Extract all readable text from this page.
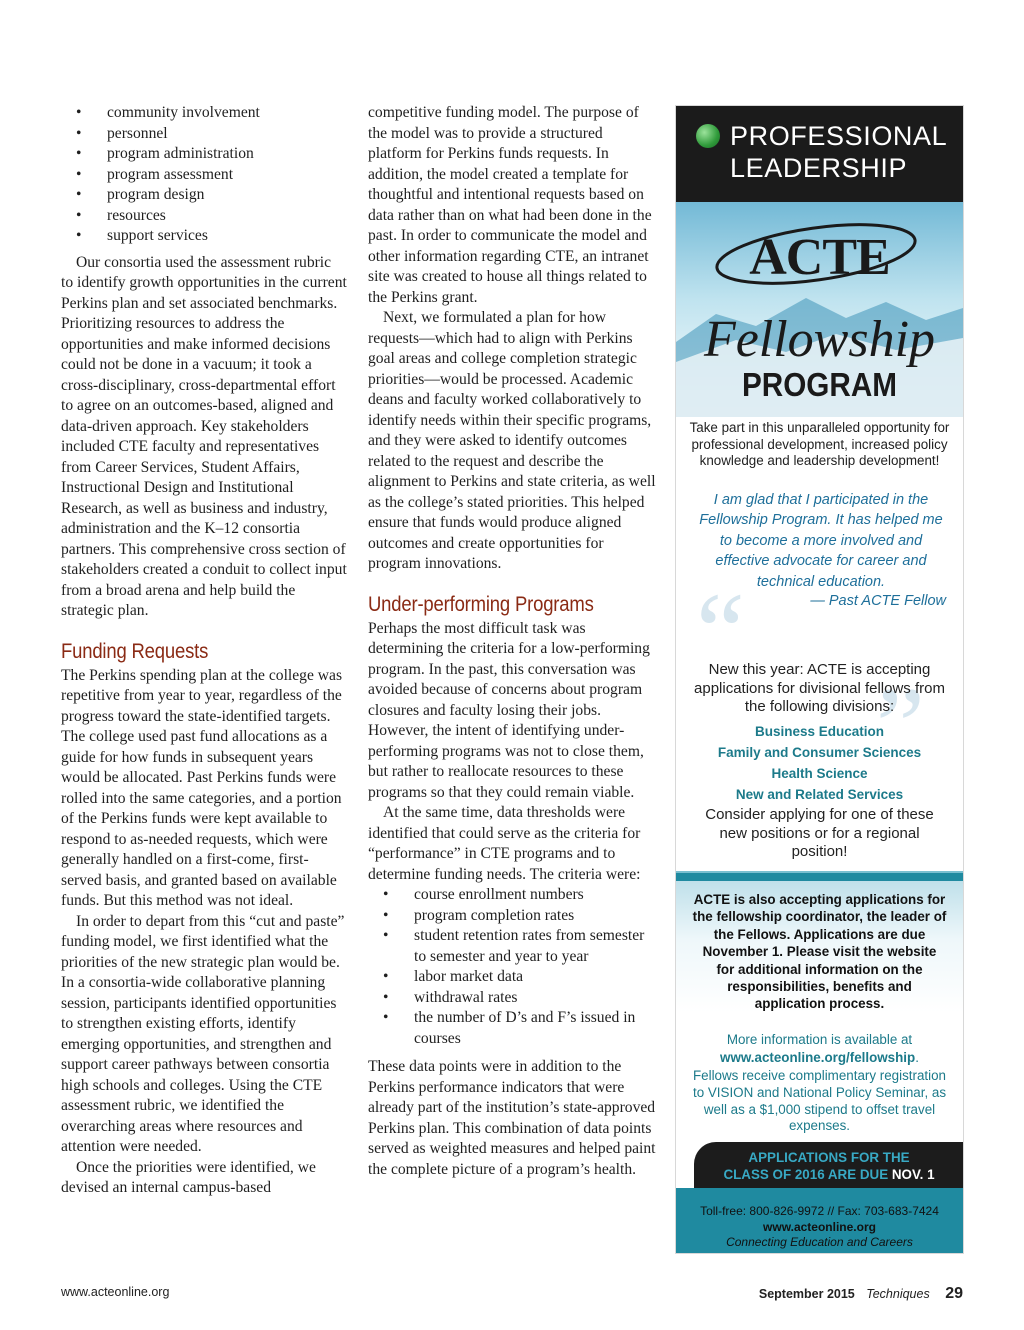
• community involvement
• personnel
• program administration
• program assessment
• program design
• resources
• support services

Our consortia used the assessment rubric to identify growth opportunities in the current Perkins plan and set associated benchmarks. Prioritizing resources to address the opportunities and make informed decisions could not be done in a vacuum; it took a cross-disciplinary, cross-departmental effort to agree on an outcomes-based, aligned and data-driven approach. Key stakeholders included CTE faculty and representatives from Career Services, Student Affairs, Instructional Design and Institutional Research, as well as business and industry, administration and the K–12 consortia partners. This comprehensive cross section of stakeholders created a conduit to collect input from a broad arena and help build the strategic plan.

Funding Requests

The Perkins spending plan at the college was repetitive from year to year, regardless of the progress toward the state-identified targets. The college used past fund allocations as a guide for how funds in subsequent years would be allocated. Past Perkins funds were rolled into the same categories, and a portion of the Perkins funds were kept available to respond to as-needed requests, which were generally handled on a first-come, first-served basis, and granted based on available funds. But this method was not ideal.

In order to depart from this “cut and paste” funding model, we first identified what the priorities of the new strategic plan would be. In a consortia-wide collaborative planning session, participants identified opportunities to strengthen existing efforts, identify emerging opportunities, and strengthen and support career pathways between consortia high schools and colleges. Using the CTE assessment rubric, we identified the overarching areas where resources and attention were needed.

Once the priorities were identified, we devised an internal campus-based

competitive funding model. The purpose of the model was to provide a structured platform for Perkins funds requests. In addition, the model created a template for thoughtful and intentional requests based on data rather than on what had been done in the past. In order to communicate the model and other information regarding CTE, an intranet site was created to house all things related to the Perkins grant.

Next, we formulated a plan for how requests—which had to align with Perkins goal areas and college completion strategic priorities—would be processed. Academic deans and faculty worked collaboratively to identify needs within their specific programs, and they were asked to identify outcomes related to the request and describe the alignment to Perkins and state criteria, as well as the college’s stated priorities. This helped ensure that funds would produce aligned outcomes and create opportunities for program innovations.

Under-performing Programs

Perhaps the most difficult task was determining the criteria for a low-performing program. In the past, this conversation was avoided because of concerns about program closures and faculty losing their jobs. However, the intent of identifying under-performing programs was not to close them, but rather to reallocate resources to these programs so that they could remain viable.

At the same time, data thresholds were identified that could serve as the criteria for “performance” in CTE programs and to determine funding needs. The criteria were:

• course enrollment numbers
• program completion rates
• student retention rates from semester to semester and year to year
• labor market data
• withdrawal rates
• the number of D’s and F’s issued in courses

These data points were in addition to the Perkins performance indicators that were already part of the institution’s state-approved Perkins plan. This combination of data points served as weighted measures and helped paint the complete picture of a program’s health.

PROFESSIONAL
LEADERSHIP
ACTE
Fellowship
PROGRAM
Take part in this unparalleled opportunity for professional development, increased policy knowledge and leadership development!
“
”
I am glad that I participated in the Fellowship Program. It has helped me to become a more involved and effective advocate for career and technical education.
— Past ACTE Fellow
New this year: ACTE is accepting applications for divisional fellows from the following divisions:
Business Education
Family and Consumer Sciences
Health Science
New and Related Services
Consider applying for one of these new positions or for a regional position!
ACTE is also accepting applications for the fellowship coordinator, the leader of the Fellows. Applications are due November 1. Please visit the website for additional information on the responsibilities, benefits and application process.
More information is available at
www.acteonline.org/fellowship.
Fellows receive complimentary registration to VISION and National Policy Seminar, as well as a $1,000 stipend to offset travel expenses.
APPLICATIONS FOR THE
CLASS OF 2016 ARE DUE NOV. 1
Toll-free: 800-826-9972 // Fax: 703-683-7424
www.acteonline.org
Connecting Education and Careers
www.acteonline.org	September 2015 Techniques 29
